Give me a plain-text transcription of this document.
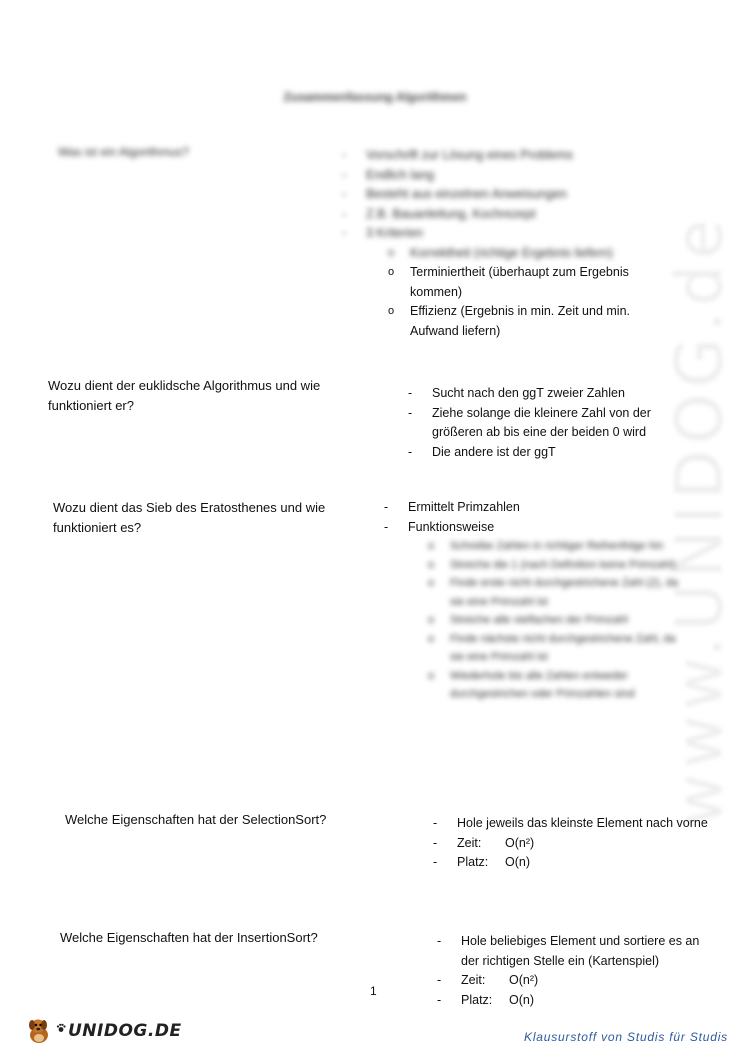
www.UNIDOG.de
Zusammenfassung Algorithmen
Was ist ein Algorithmus?	- Vorschrift zur Lösung eines Problems
- Endlich lang
- Besteht aus einzelnen Anweisungen
- Z.B. Bauanleitung, Kochrezept
- 3 Kriterien
o Korrektheit (richtige Ergebnis liefern)
o Terminiertheit (überhaupt zum Ergebnis kommen)
o Effizienz (Ergebnis in min. Zeit und min. Aufwand liefern)
Wozu dient der euklidsche Algorithmus und wie funktioniert er?
- Sucht nach den ggT zweier Zahlen
- Ziehe solange die kleinere Zahl von der größeren ab bis eine der beiden 0 wird
- Die andere ist der ggT
Wozu dient das Sieb des Eratosthenes und wie funktioniert es?
- Ermittelt Primzahlen
- Funktionsweise
o Schreibe Zahlen in richtiger Reihenfolge hin
o Streiche die 1 (nach Definition keine Primzahl)
o Finde erste nicht durchgestrichene Zahl (2), da sie eine Primzahl ist
o Streiche alle vielfachen der Primzahl
o Finde nächste nicht durchgestrichene Zahl, da sie eine Primzahl ist
o Wiederhole bis alle Zahlen entweder durchgestrichen oder Primzahlen sind
Welche Eigenschaften hat der SelectionSort?	- Hole jeweils das kleinste Element nach vorne
- Zeit: O(n²)
- Platz: O(n)
Welche Eigenschaften hat der InsertionSort?	- Hole beliebiges Element und sortiere es an der richtigen Stelle ein (Kartenspiel)
- Zeit: O(n²)
- Platz: O(n)
1
UNIDOG.DE	Klausurstoff von Studis für Studis
